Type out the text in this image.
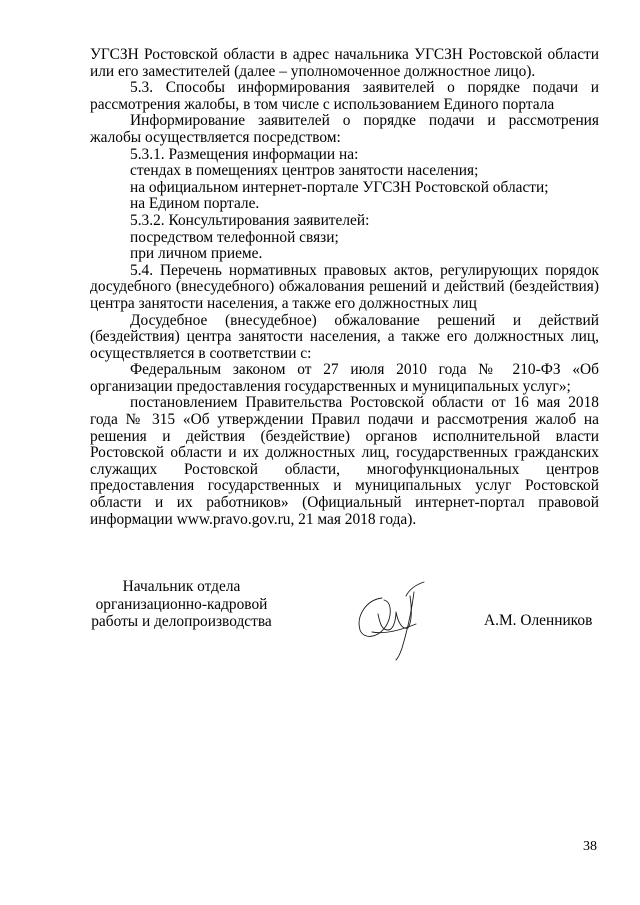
УГСЗН Ростовской области в адрес начальника УГСЗН Ростовской области или его заместителей (далее – уполномоченное должностное лицо).

5.3. Способы информирования заявителей о порядке подачи и рассмотрения жалобы, в том числе с использованием Единого портала

Информирование заявителей о порядке подачи и рассмотрения жалобы осуществляется посредством:

5.3.1. Размещения информации на:

стендах в помещениях центров занятости населения;

на официальном интернет-портале УГСЗН Ростовской области;

на Едином портале.

5.3.2. Консультирования заявителей:

посредством телефонной связи;

при личном приеме.

5.4. Перечень нормативных правовых актов, регулирующих порядок досудебного (внесудебного) обжалования решений и действий (бездействия) центра занятости населения, а также его должностных лиц

Досудебное (внесудебное) обжалование решений и действий (бездействия) центра занятости населения, а также его должностных лиц, осуществляется в соответствии с:

Федеральным законом от 27 июля 2010 года № 210-ФЗ «Об организации предоставления государственных и муниципальных услуг»;

постановлением Правительства Ростовской области от 16 мая 2018 года № 315 «Об утверждении Правил подачи и рассмотрения жалоб на решения и действия (бездействие) органов исполнительной власти Ростовской области и их должностных лиц, государственных гражданских служащих Ростовской области, многофункциональных центров предоставления государственных и муниципальных услуг Ростовской области и их работников» (Официальный интернет-портал правовой информации www.pravo.gov.ru, 21 мая 2018 года).

Начальник отдела

организационно-кадровой

работы и делопроизводства	А.М. Оленников
38
